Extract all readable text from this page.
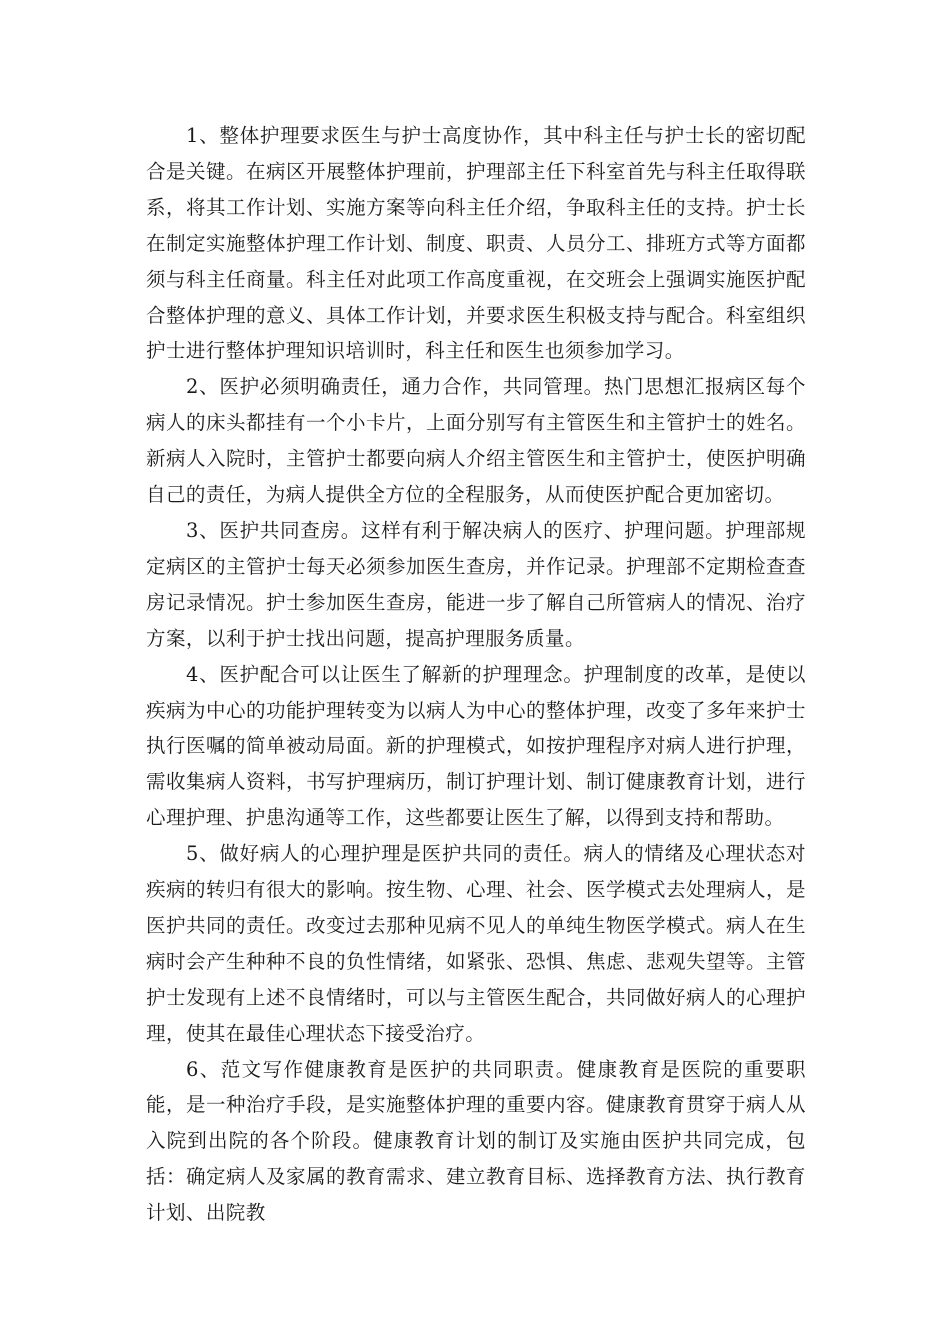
1、整体护理要求医生与护士高度协作，其中科主任与护士长的密切配合是关键。在病区开展整体护理前，护理部主任下科室首先与科主任取得联系，将其工作计划、实施方案等向科主任介绍，争取科主任的支持。护士长在制定实施整体护理工作计划、制度、职责、人员分工、排班方式等方面都须与科主任商量。科主任对此项工作高度重视，在交班会上强调实施医护配合整体护理的意义、具体工作计划，并要求医生积极支持与配合。科室组织护士进行整体护理知识培训时，科主任和医生也须参加学习。

2、医护必须明确责任，通力合作，共同管理。热门思想汇报病区每个病人的床头都挂有一个小卡片，上面分别写有主管医生和主管护士的姓名。新病人入院时，主管护士都要向病人介绍主管医生和主管护士，使医护明确自己的责任，为病人提供全方位的全程服务，从而使医护配合更加密切。

3、医护共同查房。这样有利于解决病人的医疗、护理问题。护理部规定病区的主管护士每天必须参加医生查房，并作记录。护理部不定期检查查房记录情况。护士参加医生查房，能进一步了解自己所管病人的情况、治疗方案，以利于护士找出问题，提高护理服务质量。

4、医护配合可以让医生了解新的护理理念。护理制度的改革，是使以疾病为中心的功能护理转变为以病人为中心的整体护理，改变了多年来护士执行医嘱的简单被动局面。新的护理模式，如按护理程序对病人进行护理，需收集病人资料，书写护理病历，制订护理计划、制订健康教育计划，进行心理护理、护患沟通等工作，这些都要让医生了解，以得到支持和帮助。

5、做好病人的心理护理是医护共同的责任。病人的情绪及心理状态对疾病的转归有很大的影响。按生物、心理、社会、医学模式去处理病人，是医护共同的责任。改变过去那种见病不见人的单纯生物医学模式。病人在生病时会产生种种不良的负性情绪，如紧张、恐惧、焦虑、悲观失望等。主管护士发现有上述不良情绪时，可以与主管医生配合，共同做好病人的心理护理，使其在最佳心理状态下接受治疗。

6、范文写作健康教育是医护的共同职责。健康教育是医院的重要职能，是一种治疗手段，是实施整体护理的重要内容。健康教育贯穿于病人从入院到出院的各个阶段。健康教育计划的制订及实施由医护共同完成，包括：确定病人及家属的教育需求、建立教育目标、选择教育方法、执行教育计划、出院教
